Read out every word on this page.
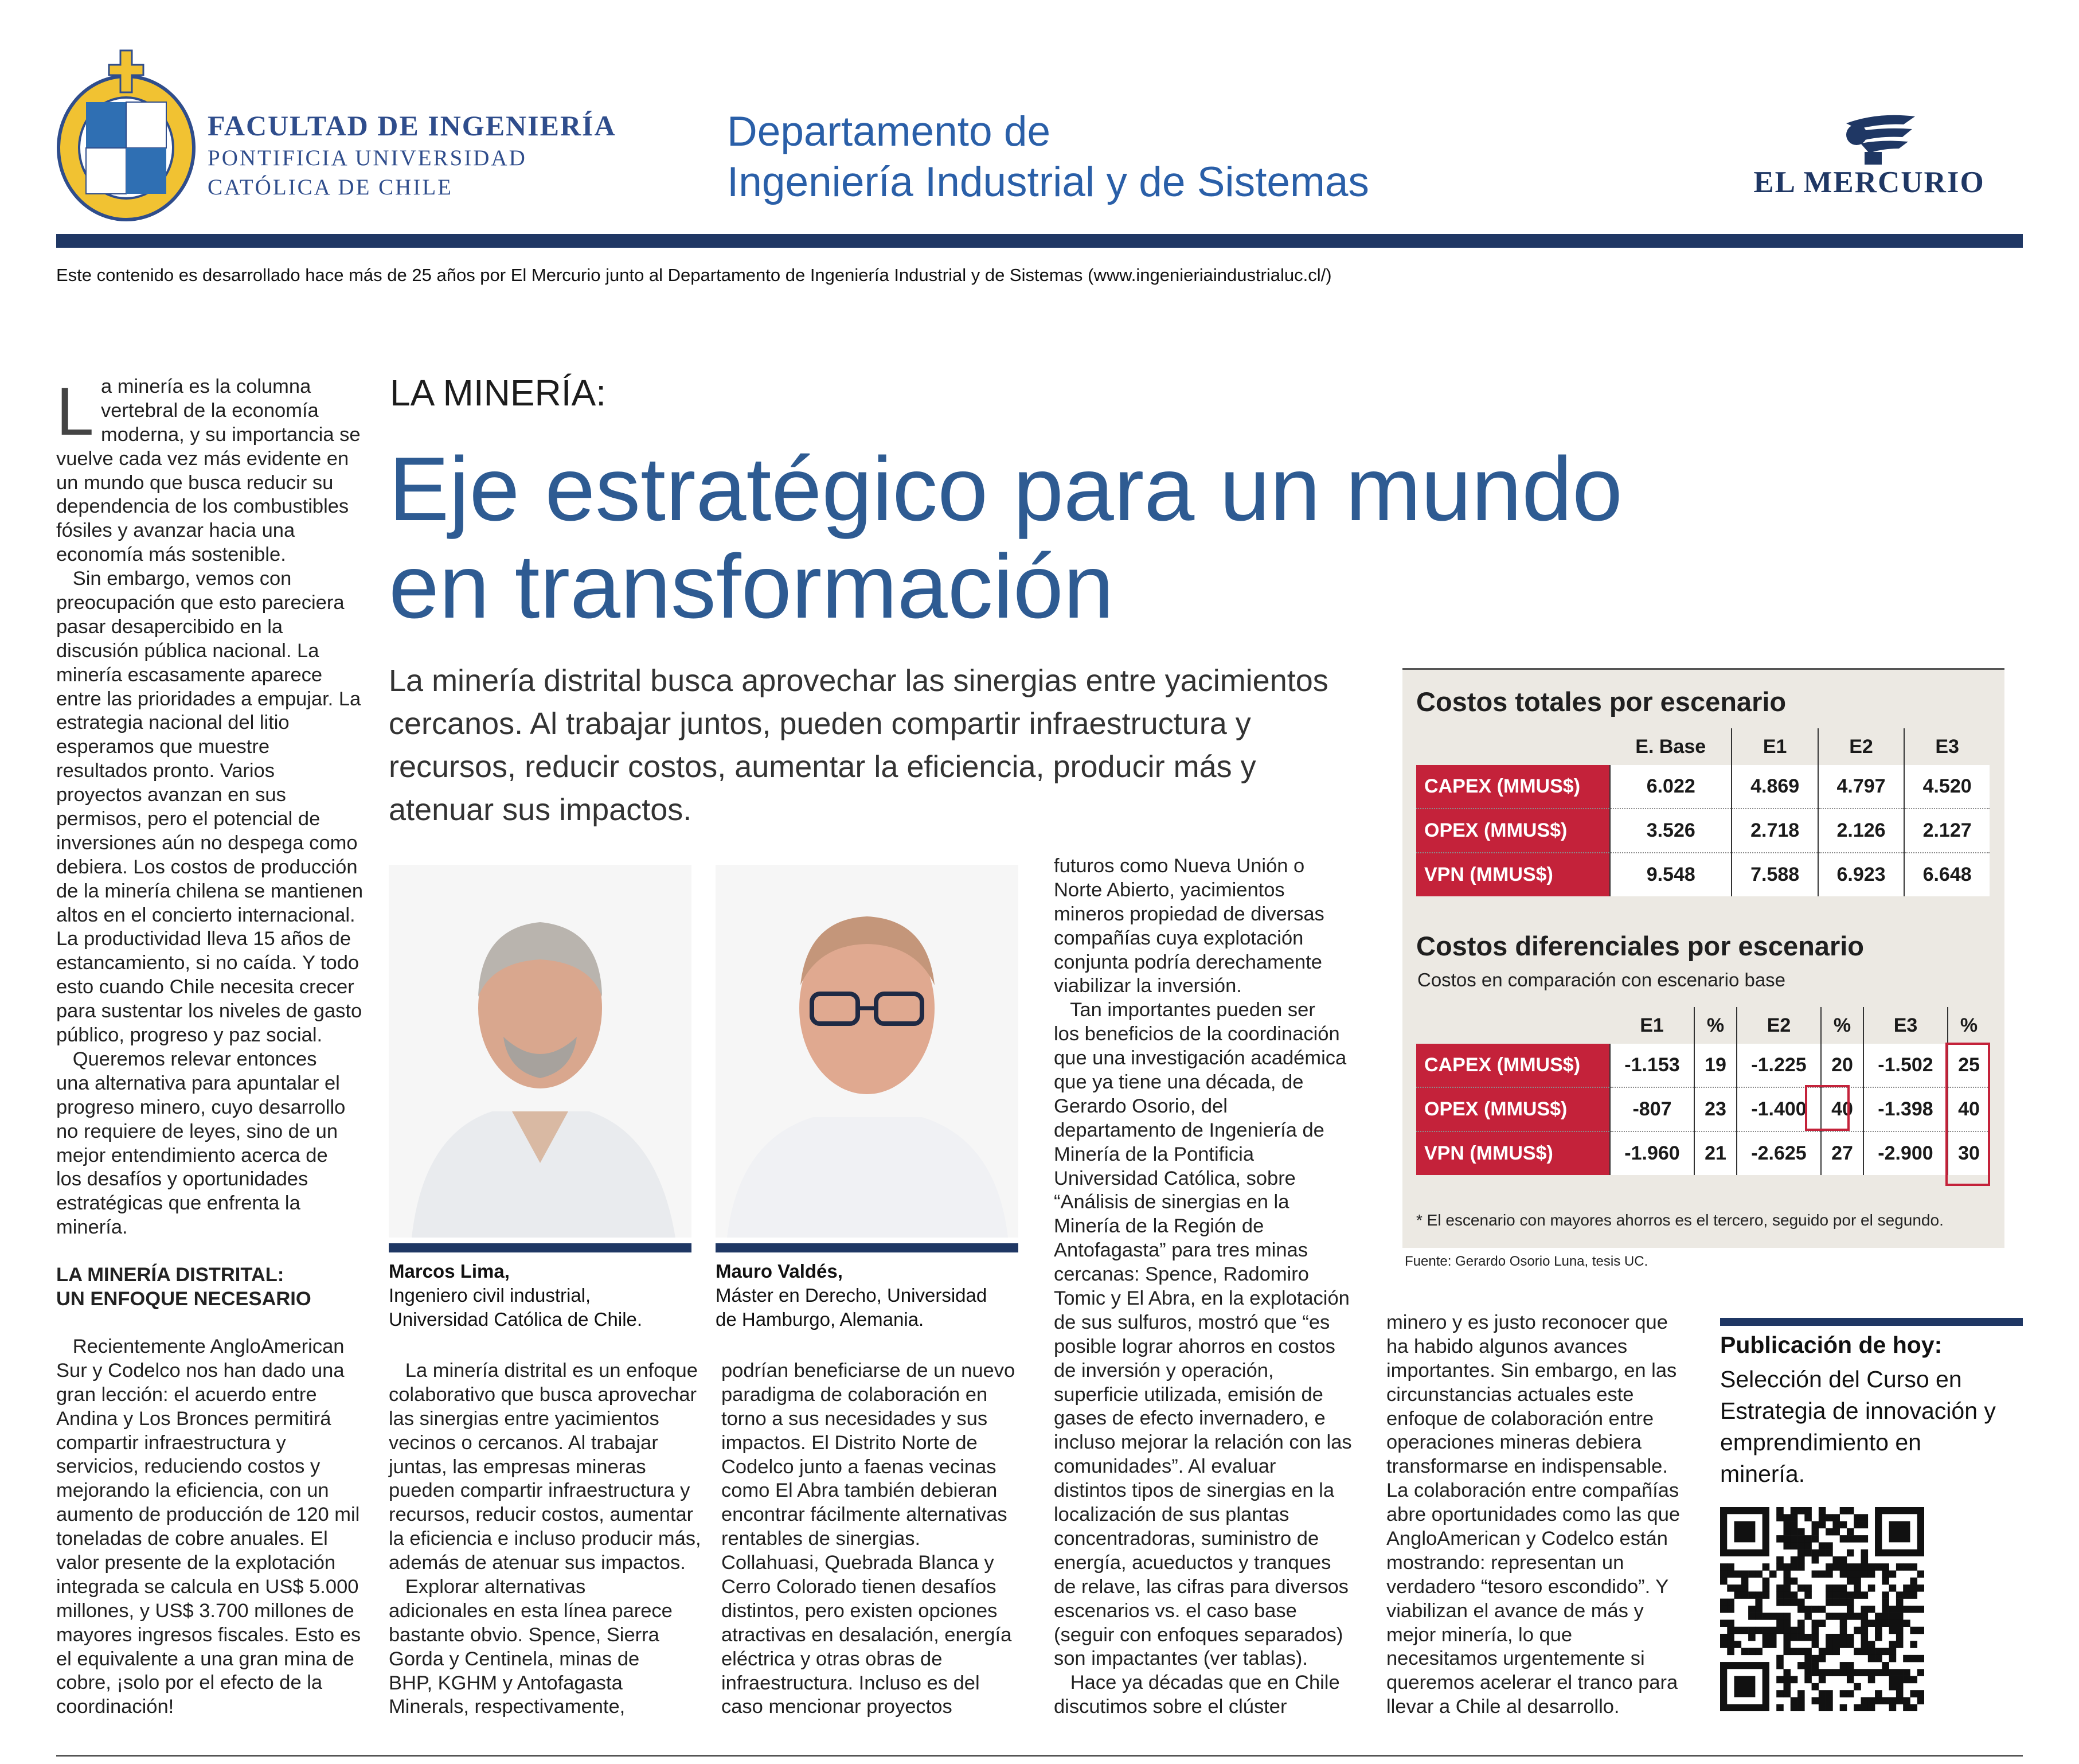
FACULTAD DE INGENIERÍA
PONTIFICIA UNIVERSIDAD
CATÓLICA DE CHILE
Departamento de
Ingeniería Industrial y de Sistemas	EL MERCURIO
Este contenido es desarrollado hace más de 25 años por El Mercurio junto al Departamento de Ingeniería Industrial y de Sistemas (www.ingenieriaindustrialuc.cl/)
L a minería es la columna
vertebral de la economía
moderna, y su importancia se
vuelve cada vez más evidente en
un mundo que busca reducir su
dependencia de los combustibles
fósiles y avanzar hacia una
economía más sostenible.
Sin embargo, vemos con
preocupación que esto pareciera
pasar desapercibido en la
discusión pública nacional. La
minería escasamente aparece
entre las prioridades a empujar. La
estrategia nacional del litio
esperamos que muestre
resultados pronto. Varios
proyectos avanzan en sus
permisos, pero el potencial de
inversiones aún no despega como
debiera. Los costos de producción
de la minería chilena se mantienen
altos en el concierto internacional.
La productividad lleva 15 años de
estancamiento, si no caída. Y todo
esto cuando Chile necesita crecer
para sustentar los niveles de gasto
público, progreso y paz social.
Queremos relevar entonces
una alternativa para apuntalar el
progreso minero, cuyo desarrollo
no requiere de leyes, sino de un
mejor entendimiento acerca de
los desafíos y oportunidades
estratégicas que enfrenta la
minería.
LA MINERÍA DISTRITAL:
UN ENFOQUE NECESARIO
Recientemente AngloAmerican
Sur y Codelco nos han dado una
gran lección: el acuerdo entre
Andina y Los Bronces permitirá
compartir infraestructura y
servicios, reduciendo costos y
mejorando la eficiencia, con un
aumento de producción de 120 mil
toneladas de cobre anuales. El
valor presente de la explotación
integrada se calcula en US$ 5.000
millones, y US$ 3.700 millones de
mayores ingresos fiscales. Esto es
el equivalente a una gran mina de
cobre, ¡solo por el efecto de la
coordinación!
LA MINERÍA:
Eje estratégico para un mundo
en transformación
La minería distrital busca aprovechar las sinergias entre yacimientos
cercanos. Al trabajar juntos, pueden compartir infraestructura y
recursos, reducir costos, aumentar la eficiencia, producir más y
atenuar sus impactos.
Marcos Lima,
Ingeniero civil industrial,
Universidad Católica de Chile.
Mauro Valdés,
Máster en Derecho, Universidad
de Hamburgo, Alemania.
La minería distrital es un enfoque
colaborativo que busca aprovechar
las sinergias entre yacimientos
vecinos o cercanos. Al trabajar
juntas, las empresas mineras
pueden compartir infraestructura y
recursos, reducir costos, aumentar
la eficiencia e incluso producir más,
además de atenuar sus impactos.
Explorar alternativas
adicionales en esta línea parece
bastante obvio. Spence, Sierra
Gorda y Centinela, minas de
BHP, KGHM y Antofagasta
Minerals, respectivamente,
podrían beneficiarse de un nuevo
paradigma de colaboración en
torno a sus necesidades y sus
impactos. El Distrito Norte de
Codelco junto a faenas vecinas
como El Abra también debieran
encontrar fácilmente alternativas
rentables de sinergias.
Collahuasi, Quebrada Blanca y
Cerro Colorado tienen desafíos
distintos, pero existen opciones
atractivas en desalación, energía
eléctrica y otras obras de
infraestructura. Incluso es del
caso mencionar proyectos
futuros como Nueva Unión o
Norte Abierto, yacimientos
mineros propiedad de diversas
compañías cuya explotación
conjunta podría derechamente
viabilizar la inversión.
Tan importantes pueden ser
los beneficios de la coordinación
que una investigación académica
que ya tiene una década, de
Gerardo Osorio, del
departamento de Ingeniería de
Minería de la Pontificia
Universidad Católica, sobre
“Análisis de sinergias en la
Minería de la Región de
Antofagasta” para tres minas
cercanas: Spence, Radomiro
Tomic y El Abra, en la explotación
de sus sulfuros, mostró que “es
posible lograr ahorros en costos
de inversión y operación,
superficie utilizada, emisión de
gases de efecto invernadero, e
incluso mejorar la relación con las
comunidades”. Al evaluar
distintos tipos de sinergias en la
localización de sus plantas
concentradoras, suministro de
energía, acueductos y tranques
de relave, las cifras para diversos
escenarios vs. el caso base
(seguir con enfoques separados)
son impactantes (ver tablas).
Hace ya décadas que en Chile
discutimos sobre el clúster
minero y es justo reconocer que
ha habido algunos avances
importantes. Sin embargo, en las
circunstancias actuales este
enfoque de colaboración entre
operaciones mineras debiera
transformarse en indispensable.
La colaboración entre compañías
abre oportunidades como las que
AngloAmerican y Codelco están
mostrando: representan un
verdadero “tesoro escondido”. Y
viabilizan el avance de más y
mejor minería, lo que
necesitamos urgentemente si
queremos acelerar el tranco para
llevar a Chile al desarrollo.
Costos totales por escenario
	E. Base	E1	E2	E3
CAPEX (MMUS$)	6.022	4.869	4.797	4.520
OPEX (MMUS$)	3.526	2.718	2.126	2.127
VPN (MMUS$)	9.548	7.588	6.923	6.648
Costos diferenciales por escenario
Costos en comparación con escenario base
	E1	%	E2	%	E3	%
CAPEX (MMUS$)	-1.153	19	-1.225	20	-1.502	25
OPEX (MMUS$)	-807	23	-1.400	40	-1.398	40
VPN (MMUS$)	-1.960	21	-2.625	27	-2.900	30
* El escenario con mayores ahorros es el tercero, seguido por el segundo.
Fuente: Gerardo Osorio Luna, tesis UC.
Publicación de hoy:
Selección del Curso en
Estrategia de innovación y
emprendimiento en
minería.
